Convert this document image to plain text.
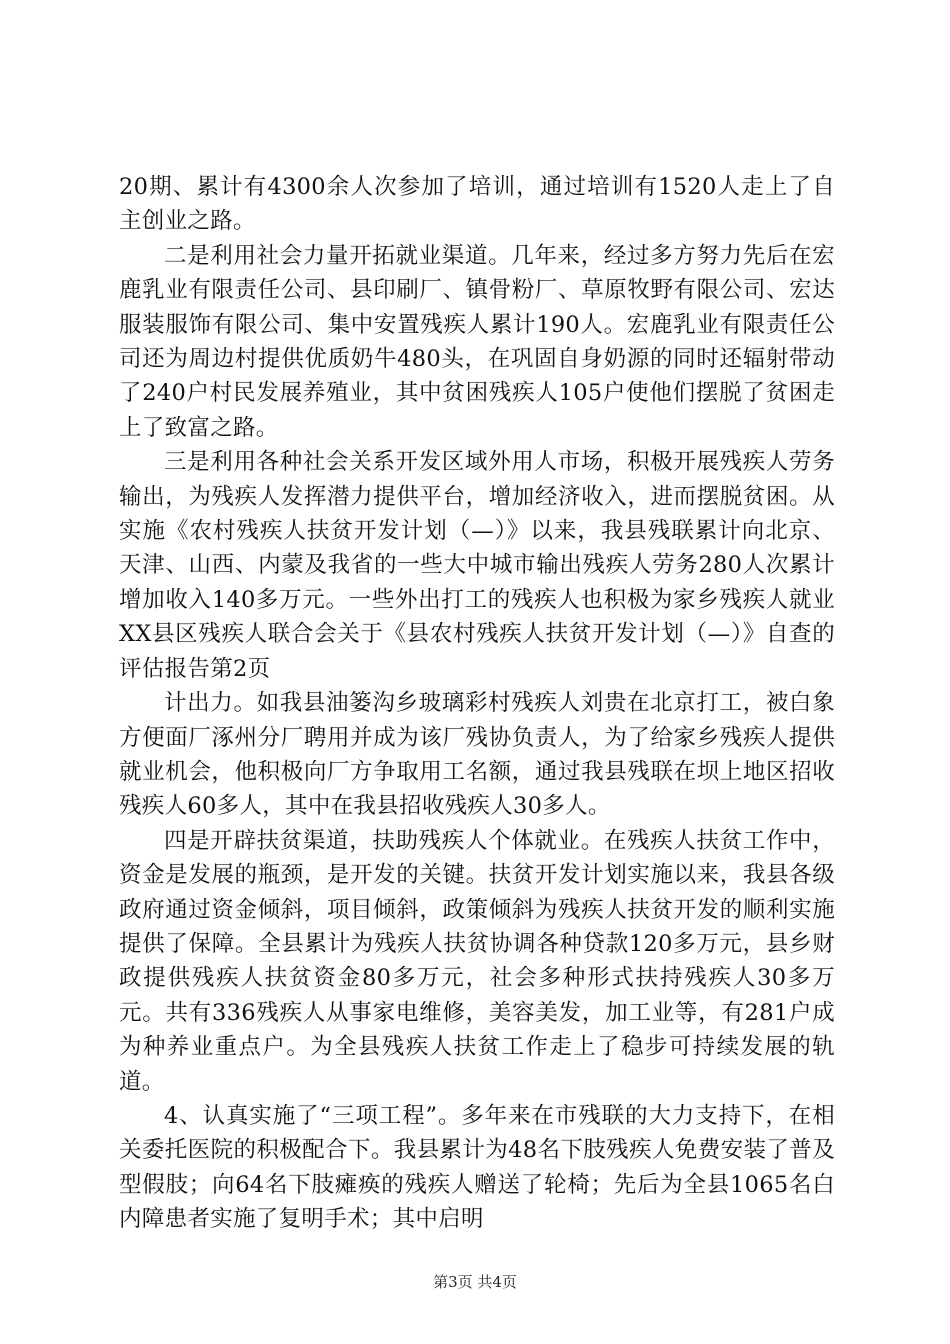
20期、累计有4300余人次参加了培训，通过培训有1520人走上了自主创业之路。

二是利用社会力量开拓就业渠道。几年来，经过多方努力先后在宏鹿乳业有限责任公司、县印刷厂、镇骨粉厂、草原牧野有限公司、宏达服装服饰有限公司、集中安置残疾人累计190人。宏鹿乳业有限责任公司还为周边村提供优质奶牛480头，在巩固自身奶源的同时还辐射带动了240户村民发展养殖业，其中贫困残疾人105户使他们摆脱了贫困走上了致富之路。

三是利用各种社会关系开发区域外用人市场，积极开展残疾人劳务输出，为残疾人发挥潜力提供平台，增加经济收入，进而摆脱贫困。从实施《农村残疾人扶贫开发计划（—）》以来，我县残联累计向北京、天津、山西、内蒙及我省的一些大中城市输出残疾人劳务280人次累计增加收入140多万元。一些外出打工的残疾人也积极为家乡残疾人就业XX县区残疾人联合会关于《县农村残疾人扶贫开发计划（—）》自查的评估报告第2页

计出力。如我县油篓沟乡玻璃彩村残疾人刘贵在北京打工，被白象方便面厂涿州分厂聘用并成为该厂残协负责人，为了给家乡残疾人提供就业机会，他积极向厂方争取用工名额，通过我县残联在坝上地区招收残疾人60多人，其中在我县招收残疾人30多人。

四是开辟扶贫渠道，扶助残疾人个体就业。在残疾人扶贫工作中，资金是发展的瓶颈，是开发的关键。扶贫开发计划实施以来，我县各级政府通过资金倾斜，项目倾斜，政策倾斜为残疾人扶贫开发的顺利实施提供了保障。全县累计为残疾人扶贫协调各种贷款120多万元，县乡财政提供残疾人扶贫资金80多万元，社会多种形式扶持残疾人30多万元。共有336残疾人从事家电维修，美容美发，加工业等，有281户成为种养业重点户。为全县残疾人扶贫工作走上了稳步可持续发展的轨道。

4、认真实施了“三项工程”。多年来在市残联的大力支持下，在相关委托医院的积极配合下。我县累计为48名下肢残疾人免费安装了普及型假肢；向64名下肢瘫痪的残疾人赠送了轮椅；先后为全县1065名白内障患者实施了复明手术；其中启明

第3页 共4页
